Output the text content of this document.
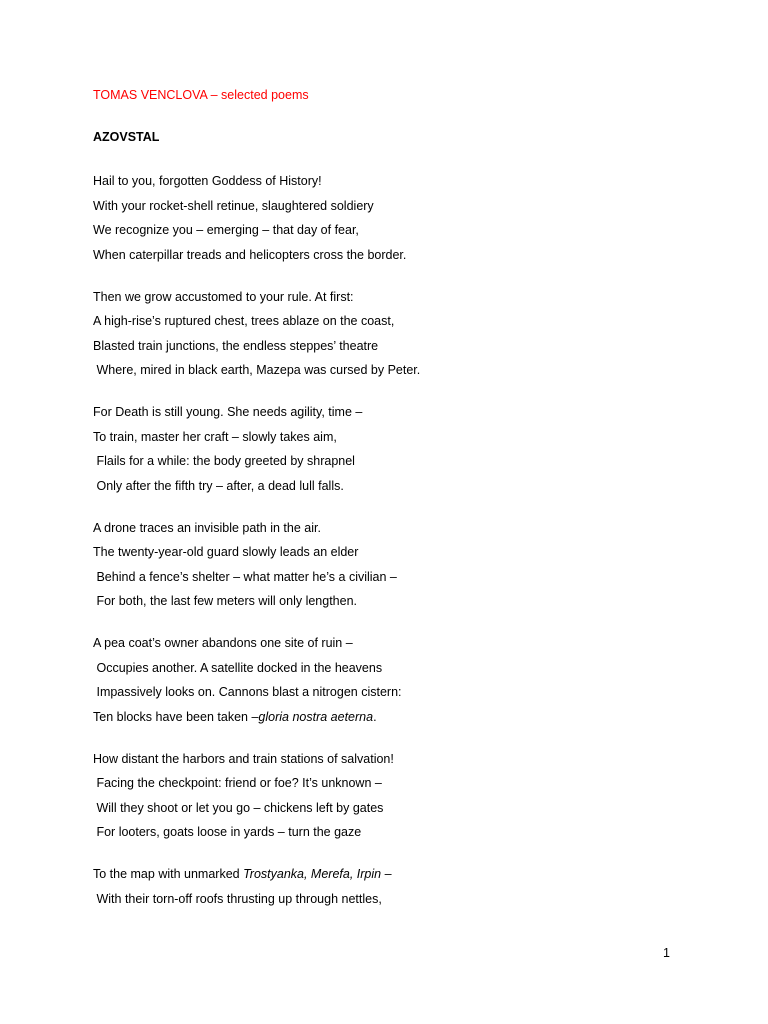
TOMAS VENCLOVA – selected poems
AZOVSTAL
Hail to you, forgotten Goddess of History!
With your rocket-shell retinue, slaughtered soldiery
We recognize you – emerging – that day of fear,
When caterpillar treads and helicopters cross the border.
Then we grow accustomed to your rule. At first:
A high-rise’s ruptured chest, trees ablaze on the coast,
Blasted train junctions, the endless steppes’ theatre
Where, mired in black earth, Mazepa was cursed by Peter.
For Death is still young. She needs agility, time –
To train, master her craft – slowly takes aim,
Flails for a while: the body greeted by shrapnel
Only after the fifth try – after, a dead lull falls.
A drone traces an invisible path in the air.
The twenty-year-old guard slowly leads an elder
Behind a fence’s shelter – what matter he’s a civilian –
For both, the last few meters will only lengthen.
A pea coat’s owner abandons one site of ruin –
Occupies another. A satellite docked in the heavens
Impassively looks on. Cannons blast a nitrogen cistern:
Ten blocks have been taken –gloria nostra aeterna.
How distant the harbors and train stations of salvation!
Facing the checkpoint: friend or foe? It’s unknown –
Will they shoot or let you go – chickens left by gates
For looters, goats loose in yards – turn the gaze
To the map with unmarked Trostyanka, Merefa, Irpin –
With their torn-off roofs thrusting up through nettles,
1
